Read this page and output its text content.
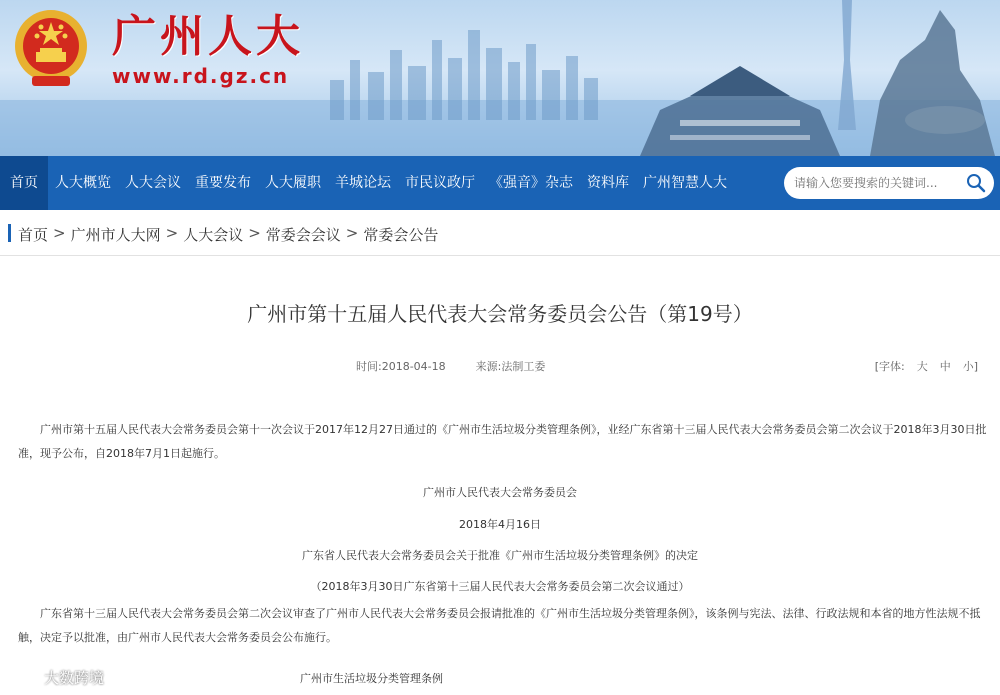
广州人大
www.rd.gz.cn
首页	人大概览	人大会议	重要发布	人大履职	羊城论坛	市民议政厅	《强音》杂志	资料库	广州智慧人大
请输入您要搜索的关键词...
首页 > 广州市人大网 > 人大会议 > 常委会会议 > 常委会公告
广州市第十五届人民代表大会常务委员会公告（第19号）
时间:2018-04-18	来源:法制工委	[字体: 大 中 小]
广州市第十五届人民代表大会常务委员会第十一次会议于2017年12月27日通过的《广州市生活垃圾分类管理条例》，业经广东省第十三届人民代表大会常务委员会第二次会议于2018年3月30日批准，现予公布，自2018年7月1日起施行。
广州市人民代表大会常务委员会
2018年4月16日
广东省人民代表大会常务委员会关于批准《广州市生活垃圾分类管理条例》的决定
（2018年3月30日广东省第十三届人民代表大会常务委员会第二次会议通过）
广东省第十三届人民代表大会常务委员会第二次会议审查了广州市人民代表大会常务委员会报请批准的《广州市生活垃圾分类管理条例》，该条例与宪法、法律、行政法规和本省的地方性法规不抵触，决定予以批准，由广州市人民代表大会常务委员会公布施行。
广州市生活垃圾分类管理条例
大数跨境
